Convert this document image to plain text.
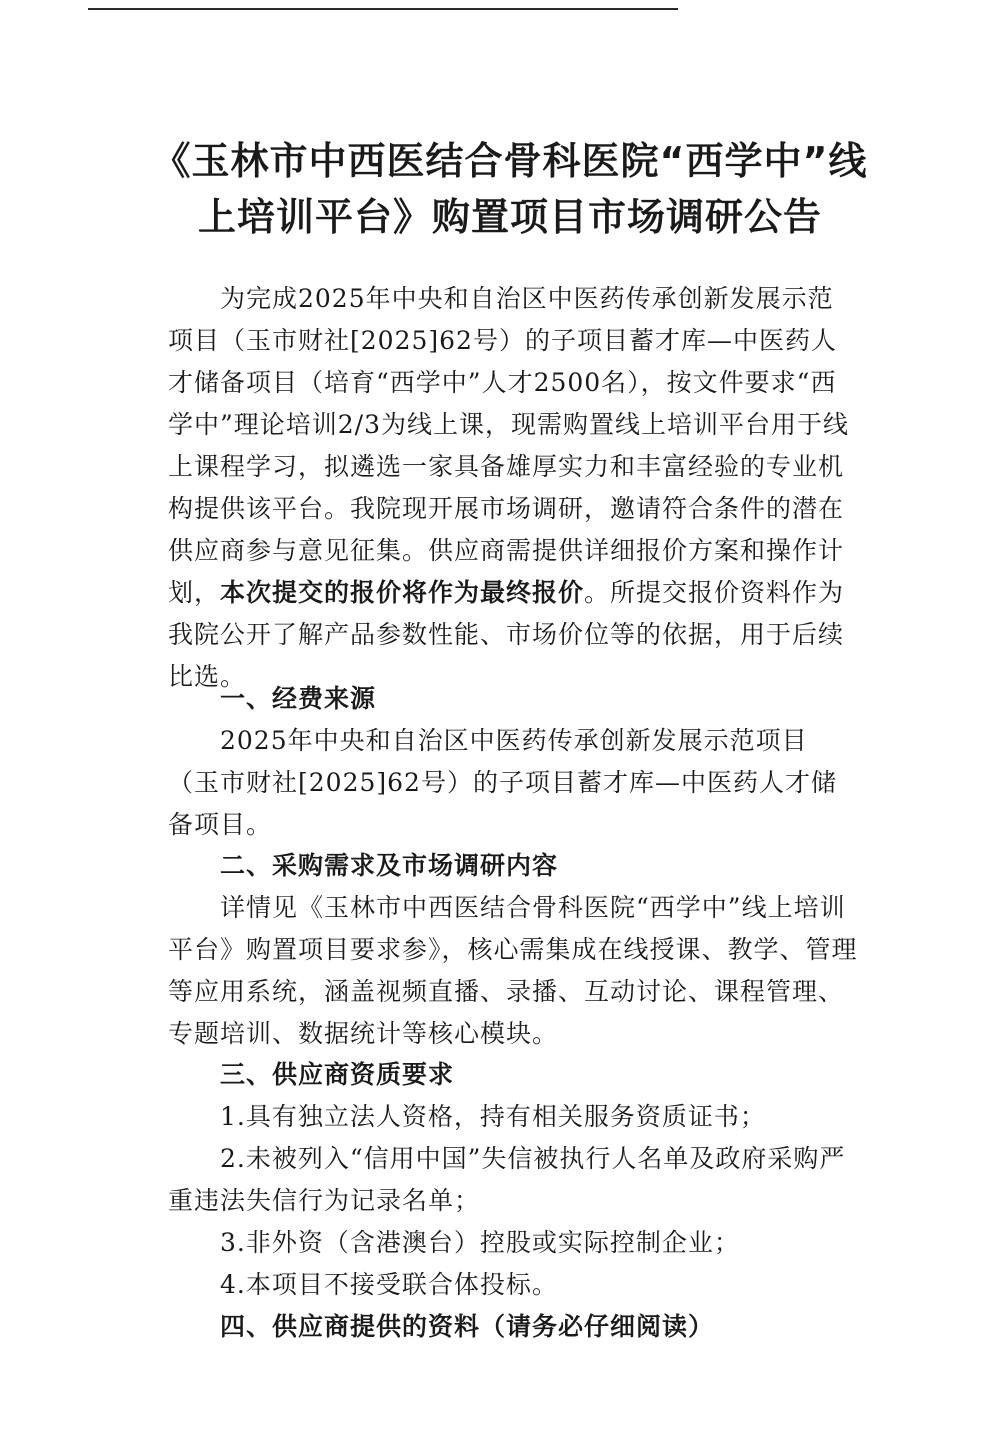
《玉林市中西医结合骨科医院“西学中”线
上培训平台》购置项目市场调研公告
为完成2025年中央和自治区中医药传承创新发展示范项目（玉市财社[2025]62号）的子项目蓄才库—中医药人才储备项目（培育“西学中”人才2500名），按文件要求“西学中”理论培训2/3为线上课，现需购置线上培训平台用于线上课程学习，拟遴选一家具备雄厚实力和丰富经验的专业机构提供该平台。我院现开展市场调研，邀请符合条件的潜在供应商参与意见征集。供应商需提供详细报价方案和操作计划，本次提交的报价将作为最终报价。所提交报价资料作为我院公开了解产品参数性能、市场价位等的依据，用于后续比选。
一、经费来源
2025年中央和自治区中医药传承创新发展示范项目（玉市财社[2025]62号）的子项目蓄才库—中医药人才储备项目。
二、采购需求及市场调研内容
详情见《玉林市中西医结合骨科医院“西学中”线上培训平台》购置项目要求参》，核心需集成在线授课、教学、管理等应用系统，涵盖视频直播、录播、互动讨论、课程管理、专题培训、数据统计等核心模块。
三、供应商资质要求
1.具有独立法人资格，持有相关服务资质证书；
2.未被列入“信用中国”失信被执行人名单及政府采购严重违法失信行为记录名单；
3.非外资（含港澳台）控股或实际控制企业；
4.本项目不接受联合体投标。
四、供应商提供的资料（请务必仔细阅读）
